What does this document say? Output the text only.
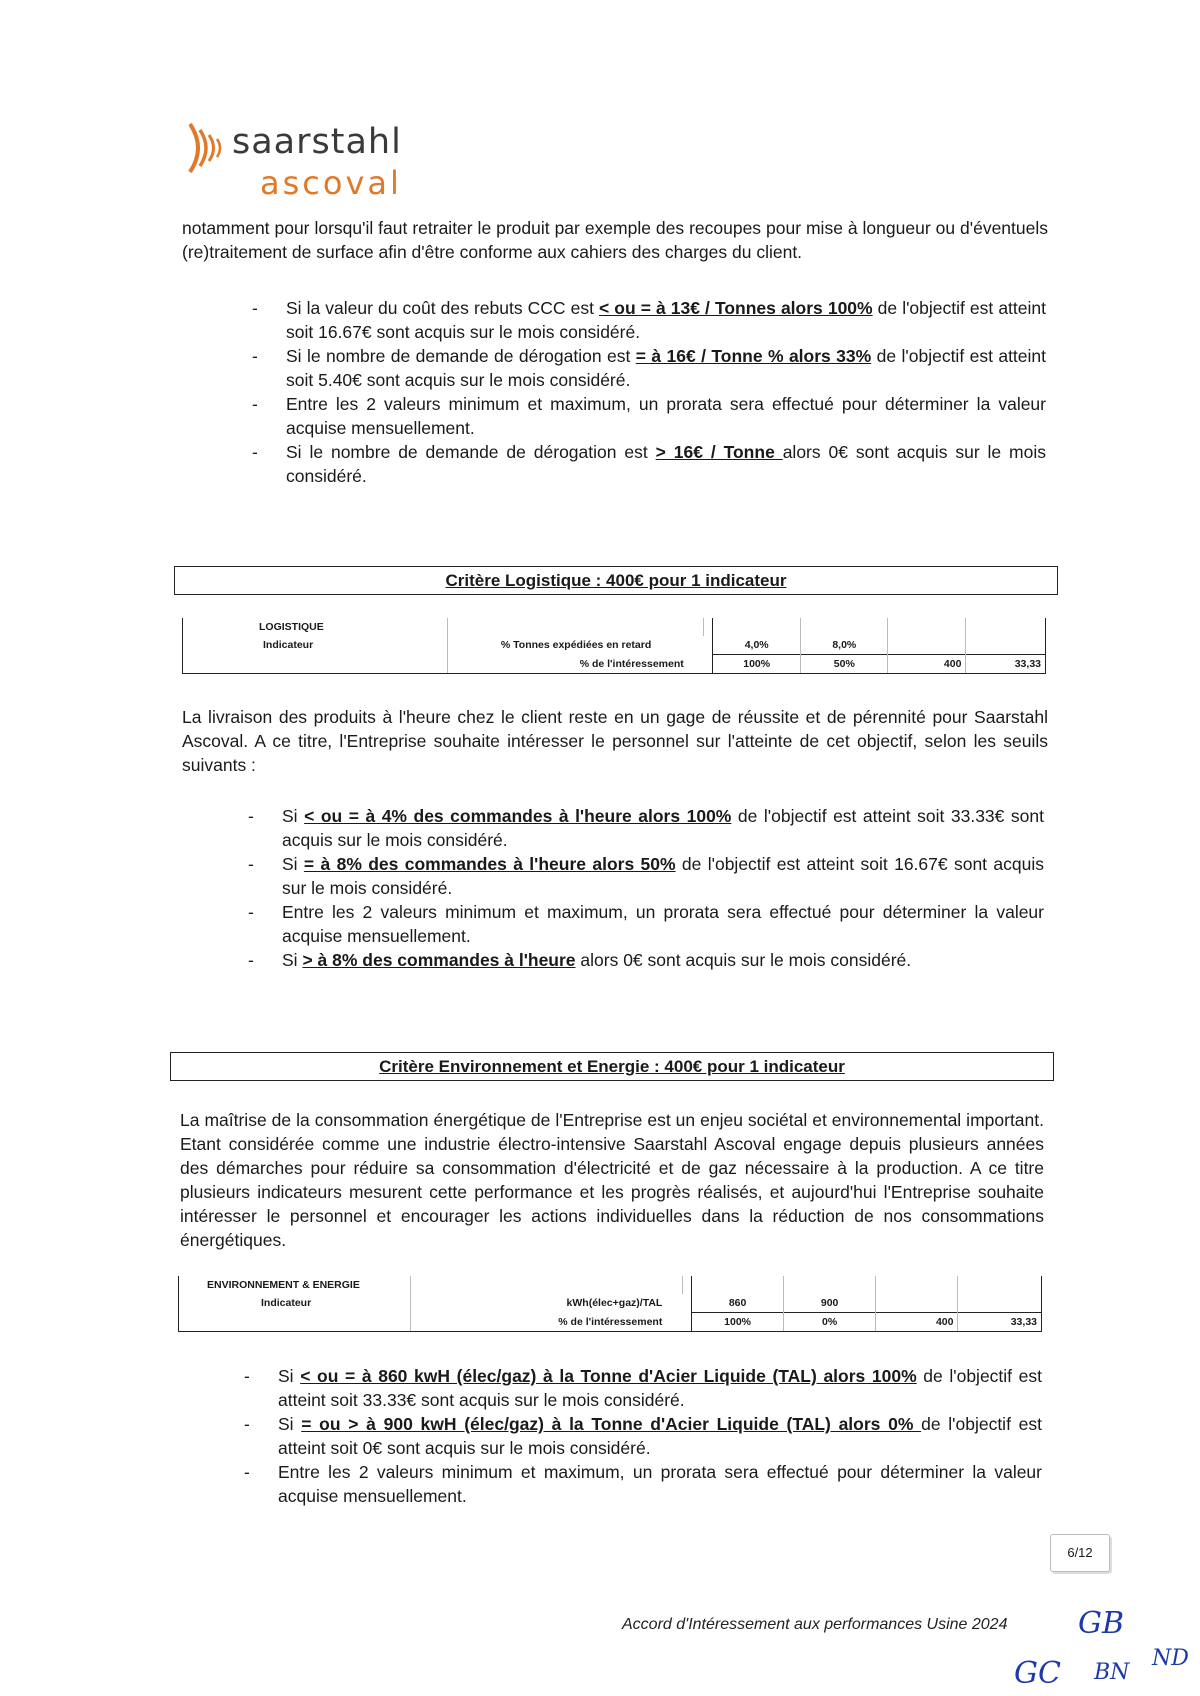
saarstahl
ascoval

notamment pour lorsqu'il faut retraiter le produit par exemple des recoupes pour mise à longueur ou d'éventuels (re)traitement de surface afin d'être conforme aux cahiers des charges du client.

- Si la valeur du coût des rebuts CCC est < ou = à 13€ / Tonnes alors 100% de l'objectif est atteint soit 16.67€ sont acquis sur le mois considéré.
- Si le nombre de demande de dérogation est = à 16€ / Tonne % alors 33% de l'objectif est atteint soit 5.40€ sont acquis sur le mois considéré.
- Entre les 2 valeurs minimum et maximum, un prorata sera effectué pour déterminer la valeur acquise mensuellement.
- Si le nombre de demande de dérogation est > 16€ / Tonne alors 0€ sont acquis sur le mois considéré.
Critère Logistique : 400€ pour 1 indicateur
LOGISTIQUE						
Indicateur	% Tonnes expédiées en retard		4,0%	8,0%		
	% de l'intéressement		100%	50%	400	33,33

La livraison des produits à l'heure chez le client reste en un gage de réussite et de pérennité pour Saarstahl Ascoval. A ce titre, l'Entreprise souhaite intéresser le personnel sur l'atteinte de cet objectif, selon les seuils suivants :

- Si < ou = à 4% des commandes à l'heure alors 100% de l'objectif est atteint soit 33.33€ sont acquis sur le mois considéré.
- Si = à 8% des commandes à l'heure alors 50% de l'objectif est atteint soit 16.67€ sont acquis sur le mois considéré.
- Entre les 2 valeurs minimum et maximum, un prorata sera effectué pour déterminer la valeur acquise mensuellement.
- Si > à 8% des commandes à l'heure alors 0€ sont acquis sur le mois considéré.
Critère Environnement et Energie : 400€ pour 1 indicateur

La maîtrise de la consommation énergétique de l'Entreprise est un enjeu sociétal et environnemental important. Etant considérée comme une industrie électro-intensive Saarstahl Ascoval engage depuis plusieurs années des démarches pour réduire sa consommation d'électricité et de gaz nécessaire à la production. A ce titre plusieurs indicateurs mesurent cette performance et les progrès réalisés, et aujourd'hui l'Entreprise souhaite intéresser le personnel et encourager les actions individuelles dans la réduction de nos consommations énergétiques.

ENVIRONNEMENT & ENERGIE						
Indicateur	kWh(élec+gaz)/TAL		860	900		
	% de l'intéressement		100%	0%	400	33,33
- Si < ou = à 860 kwH (élec/gaz) à la Tonne d'Acier Liquide (TAL) alors 100% de l'objectif est atteint soit 33.33€ sont acquis sur le mois considéré.
- Si = ou > à 900 kwH (élec/gaz) à la Tonne d'Acier Liquide (TAL) alors 0% de l'objectif est atteint soit 0€ sont acquis sur le mois considéré.
- Entre les 2 valeurs minimum et maximum, un prorata sera effectué pour déterminer la valeur acquise mensuellement.
6/12
Accord d'Intéressement aux performances Usine 2024 GB
GC BN
ND
